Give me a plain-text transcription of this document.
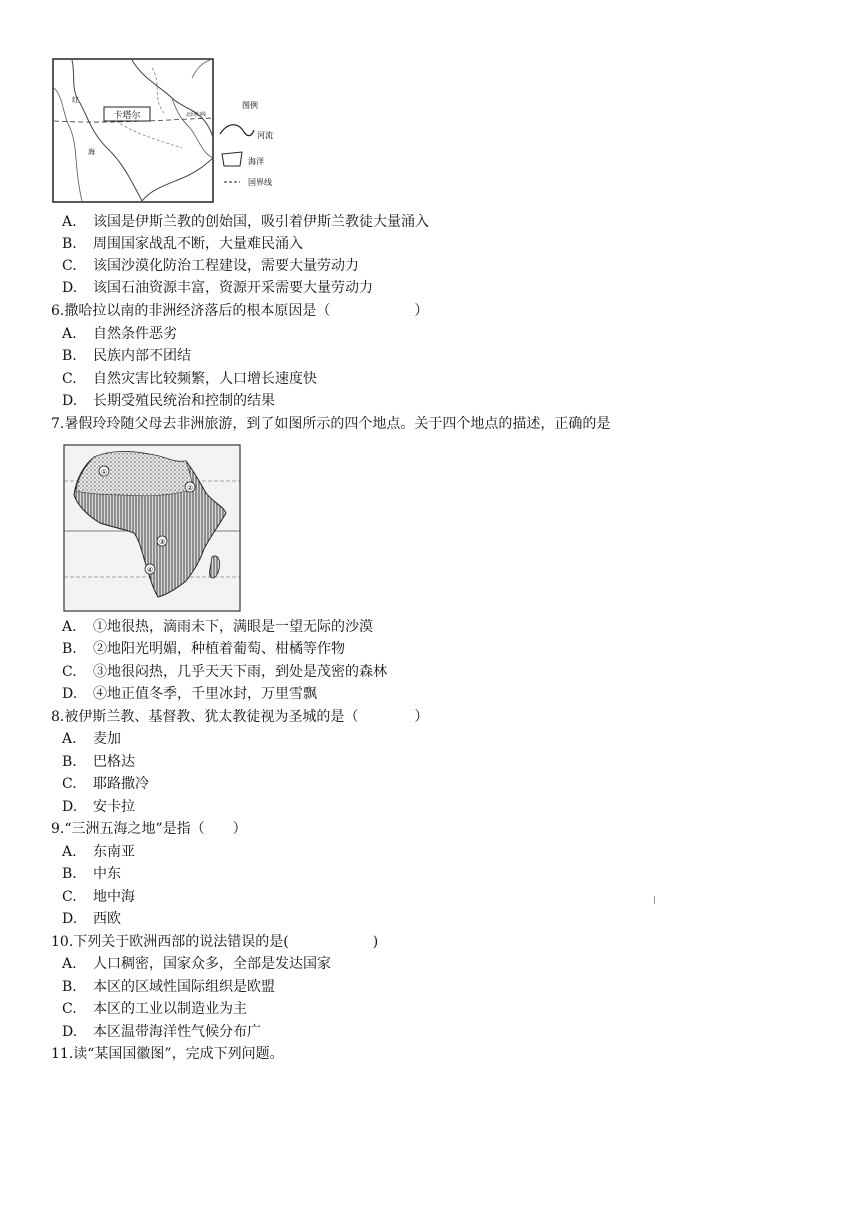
卡塔尔	北回归线
红
海
图例
河流
海洋
国界线
A. 该国是伊斯兰教的创始国，吸引着伊斯兰教徒大量涌入
B. 周围国家战乱不断，大量难民涌入
C. 该国沙漠化防治工程建设，需要大量劳动力
D. 该国石油资源丰富，资源开采需要大量劳动力
6.撒哈拉以南的非洲经济落后的根本原因是（　　　　　　）
A. 自然条件恶劣
B. 民族内部不团结
C. 自然灾害比较频繁，人口增长速度快
D. 长期受殖民统治和控制的结果
7.暑假玲玲随父母去非洲旅游，到了如图所示的四个地点。关于四个地点的描述，正确的是
①
②
③
④
A. ①地很热，滴雨未下，满眼是一望无际的沙漠
B. ②地阳光明媚，种植着葡萄、柑橘等作物
C. ③地很闷热，几乎天天下雨，到处是茂密的森林
D. ④地正值冬季，千里冰封，万里雪飘
8.被伊斯兰教、基督教、犹太教徒视为圣城的是（　　　　）
A. 麦加
B. 巴格达
C. 耶路撒冷
D. 安卡拉
9.“三洲五海之地”是指（　　）
A. 东南亚
B. 中东
C. 地中海
D. 西欧
10.下列关于欧洲西部的说法错误的是(　　　　　　)
A. 人口稠密，国家众多，全部是发达国家
B. 本区的区域性国际组织是欧盟
C. 本区的工业以制造业为主
D. 本区温带海洋性气候分布广
11.读“某国国徽图”，完成下列问题。
